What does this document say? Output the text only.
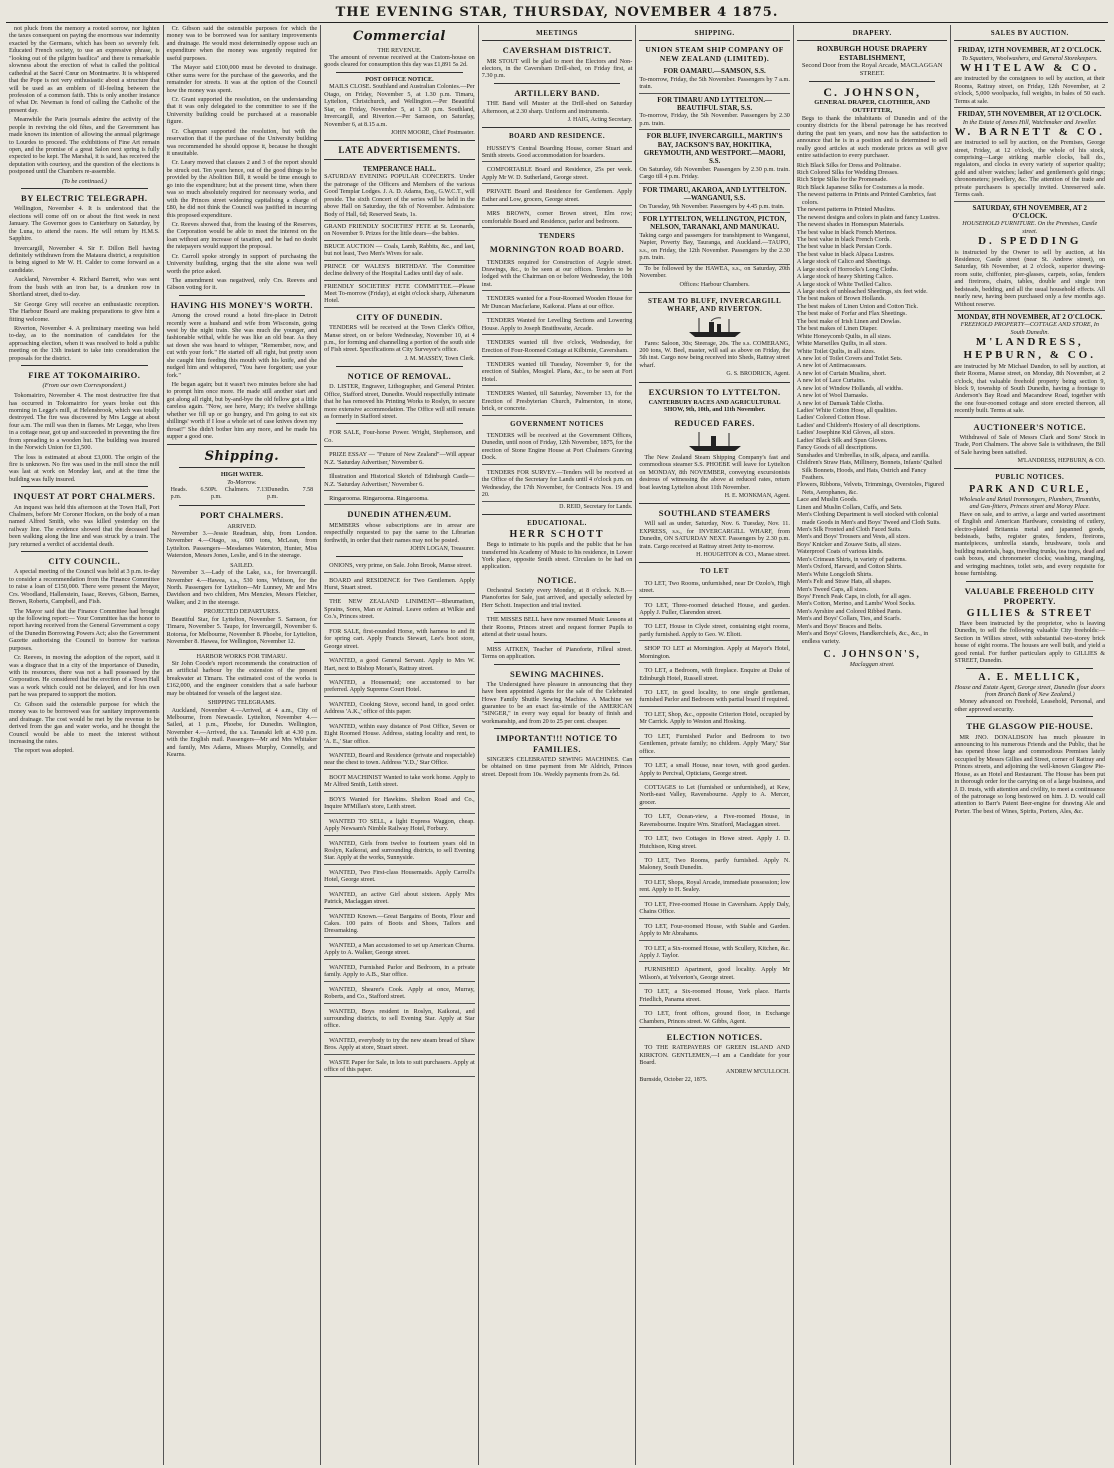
THE EVENING STAR, THURSDAY, NOVEMBER 4 1875.

not pluck from the memory a rooted sorrow, nor lighten the taxes consequent on paying the enormous war indemnity exacted by the Germans, which has been so severely felt. Educated French society, to use an expressive phrase, is "looking out of the pilgrim basilica" and there is remarkable slowness about the erection of what is called the political cathedral at the Sacré Cœur on Montmartre. It is whispered that the Pope is not very enthusiastic about a structure that will be used as an emblem of ill-feeling between the profession of a common faith. This is only another instance of what Dr. Newman is fond of calling the Catholic of the present day.

Meanwhile the Paris journals admire the activity of the people in reviving the old fêtes, and the Government has made known its intention of allowing the annual pilgrimage to Lourdes to proceed. The exhibitions of Fine Art remain open, and the promise of a great Salon next spring is fully expected to be kept. The Marshal, it is said, has received the deputation with courtesy, and the question of the elections is postponed until the Chambers re-assemble.

(To be continued.)
BY ELECTRIC TELEGRAPH.

Wellington, November 4. It is understood that the elections will come off on or about the first week in next January. The Governor goes to Canterbury on Saturday, by the Luna, to attend the races. He will return by H.M.S. Sapphire.

Invercargill, November 4. Sir F. Dillon Bell having definitely withdrawn from the Mataura district, a requisition is being signed to Mr W. H. Calder to come forward as a candidate.

Auckland, November 4. Richard Barrett, who was sent from the bush with an iron bar, is a drunken row in Shortland street, died to-day.

Sir George Grey will receive an enthusiastic reception. The Harbour Board are making preparations to give him a fitting welcome.

Riverton, November 4. A preliminary meeting was held to-day, as to the nomination of candidates for the approaching election, when it was resolved to hold a public meeting on the 13th instant to take into consideration the proposals for the district.

FIRE AT TOKOMAIRIRO.
(From our own Correspondent.)

Tokomairiro, November 4. The most destructive fire that has occurred in Tokomairiro for years broke out this morning in Legge's mill, at Helensbrook, which was totally destroyed. The fire was discovered by Mrs Legge at about four a.m. The mill was then in flames. Mr Legge, who lives in a cottage near, got up and succeeded in preventing the fire from spreading to a wooden hut. The building was insured in the Norwich Union for £1,500.

The loss is estimated at about £3,000. The origin of the fire is unknown. No fire was used in the mill since the mill was last at work on Monday last, and at the time the building was fully insured.

INQUEST AT PORT CHALMERS.

An inquest was held this afternoon at the Town Hall, Port Chalmers, before Mr Coroner Hocken, on the body of a man named Alfred Smith, who was killed yesterday on the railway line. The evidence showed that the deceased had been walking along the line and was struck by a train. The jury returned a verdict of accidental death.

CITY COUNCIL.

A special meeting of the Council was held at 3 p.m. to-day to consider a recommendation from the Finance Committee to raise a loan of £150,000. There were present the Mayor, Crs. Woodland, Hallenstein, Isaac, Reeves, Gibson, Barnes, Brown, Roberts, Campbell, and Fish.

The Mayor said that the Finance Committee had brought up the following report:— Your Committee has the honor to report having received from the General Government a copy of the Dunedin Borrowing Powers Act; also the Government Gazette authorising the Council to borrow for various purposes.

Cr. Reeves, in moving the adoption of the report, said it was a disgrace that in a city of the importance of Dunedin, with its resources, there was not a hall possessed by the Corporation. He considered that the erection of a Town Hall was a work which could not be delayed, and for his own part he was prepared to support the motion.

Cr. Gibson said the ostensible purpose for which the money was to be borrowed was for sanitary improvements and drainage. The cost would be met by the revenue to be derived from the gas and water works, and he thought the Council would be able to meet the interest without increasing the rates.

The report was adopted.

Cr. Gibson said the ostensible purposes for which the money was to be borrowed was for sanitary improvements and drainage. He would most determinedly oppose such an expenditure when the money was urgently required for useful purposes.

The Mayor said £100,000 must be devoted to drainage. Other sums were for the purchase of the gasworks, and the remainder for streets. It was at the option of the Council how the money was spent.

Cr. Grant supported the resolution, on the understanding that it was only delegated to the committee to see if the University building could be purchased at a reasonable figure.

Cr. Chapman supported the resolution, but with the reservation that if the purchase of the University building was recommended he should oppose it, because he thought it unsuitable.

Cr. Leary moved that clauses 2 and 3 of the report should be struck out. Ten years hence, out of the good things to be provided by the Abolition Bill, it would be time enough to go into the expenditure; but at the present time, when there was so much absolutely required for necessary works, and with the Princes street widening capitalising a charge of £80, he did not think the Council was justified in incurring this proposed expenditure.

Cr. Reeves showed that, from the leasing of the Reserves, the Corporation would be able to meet the interest on the loan without any increase of taxation, and he had no doubt the ratepayers would support the proposal.

Cr. Carroll spoke strongly in support of purchasing the University building, urging that the site alone was well worth the price asked.

The amendment was negatived, only Crs. Reeves and Gibson voting for it.

HAVING HIS MONEY'S WORTH.

Among the crowd round a hotel fire-place in Detroit recently were a husband and wife from Wisconsin, going west by the night train. She was much the younger, and fashionable withal, while he was like an old bear. As they sat down she was heard to whisper, "Remember, now, and cut with your fork." He started off all right, but pretty soon she caught him feeding this mouth with his knife, and she nudged him and whispered, "You have forgotten; use your fork."

He began again; but it wasn't two minutes before she had to prompt him once more. He made still another start and got along all right, but by-and-bye the old fellow got a little careless again. "Now, see here, Mary; it's twelve shillings whether we fill up or go hungry, and I'm going to eat six shillings' worth if I lose a whole set of case knives down my throat!" She didn't bother him any more, and he made his supper a good one.

Shipping.
HIGH WATER.
To-Morrow.
Heads. 6.50 p.m.
Pt. Chalmers. 7.13 p.m.
Dunedin. 7.58 p.m.
PORT CHALMERS.
ARRIVED.

November 3.—Jessie Readman, ship, from London. November 4.—Otago, ss., 600 tons, McLean, from Lyttelton. Passengers—Mesdames Waterston, Hunter, Miss Waterston, Messrs Jones, Leslie, and 6 in the steerage.

SAILED.

November 3.—Lady of the Lake, s.s., for Invercargill. November 4.—Hawea, s.s., 530 tons, Whitson, for the North. Passengers for Lyttelton—Mr Lunney, Mr and Mrs Davidson and two children, Mrs Menzies, Messrs Fletcher, Walker, and 2 in the steerage.

PROJECTED DEPARTURES.

Beautiful Star, for Lyttelton, November 5. Samson, for Timaru, November 5. Taupo, for Invercargill, November 6. Rotorua, for Melbourne, November 8. Phoebe, for Lyttelton, November 8. Hawea, for Wellington, November 12.

HARBOR WORKS FOR TIMARU.

Sir John Coode's report recommends the construction of an artificial harbour by the extension of the present breakwater at Timaru. The estimated cost of the works is £162,000, and the engineer considers that a safe harbour may be obtained for vessels of the largest size.

SHIPPING TELEGRAMS.

Auckland, November 4.—Arrived, at 4 a.m., City of Melbourne, from Newcastle. Lyttelton, November 4.—Sailed, at 1 p.m., Phoebe, for Dunedin. Wellington, November 4.—Arrived, the s.s. Taranaki left at 4.30 p.m. with the English mail. Passengers—Mr and Mrs Whitaker and family, Mrs Adams, Misses Murphy, Connelly, and Kearns.

Commercial
THE REVENUE.

The amount of revenue received at the Custom-house on goods cleared for consumption this day was £1,891 5s 2d.

POST OFFICE NOTICE.

MAILS CLOSE. Southland and Australian Colonies.—Per Otago, on Friday, November 5, at 1.30 p.m. Timaru, Lyttelton, Christchurch, and Wellington.—Per Beautiful Star, on Friday, November 5, at 1.30 p.m. Southland, Invercargill, and Riverton.—Per Samson, on Saturday, November 6, at 8.15 a.m.

JOHN MOORE, Chief Postmaster.
LATE ADVERTISEMENTS.
TEMPERANCE HALL.
SATURDAY EVENING POPULAR CONCERTS. Under the patronage of the Officers and Members of the various Good Templar Lodges. J. A. D. Adams, Esq., G.W.C.T., will preside. The sixth Concert of the series will be held in the above Hall on Saturday, the 6th of November. Admission: Body of Hall, 6d; Reserved Seats, 1s.
GRAND FRIENDLY SOCIETIES' FETE at St. Leonards, on November 9. Prizes for the little dears—the babies.
BRUCE AUCTION — Coals, Lamb, Rabbits, &c., and last, but not least, Two Men's Wives for sale.
PRINCE OF WALES'S BIRTHDAY. The Committee decline delivery of the Hospital Ladies until day of sale.
FRIENDLY SOCIETIES' FETE COMMITTEE.—Please Meet To-morrow (Friday), at eight o'clock sharp, Athenæum Hotel.
CITY OF DUNEDIN.

TENDERS will be received at the Town Clerk's Office, Manse street, on or before Wednesday, November 10, at 4 p.m., for forming and channelling a portion of the south side of Fish street. Specifications at City Surveyor's office.

J. M. MASSEY, Town Clerk.
NOTICE OF REMOVAL.

D. LISTER, Engraver, Lithographer, and General Printer. Office, Stafford street, Dunedin. Would respectfully intimate that he has removed his Printing Works to Roslyn, to secure more extensive accommodation. The Office will still remain as formerly in Stafford street.

FOR SALE, Four-horse Power. Wright, Stephenson, and Co.

PRIZE ESSAY — "Future of New Zealand"—Will appear N.Z. 'Saturday Advertiser,' November 6.

Illustration and Historical Sketch of Edinburgh Castle—N.Z. 'Saturday Advertiser,' November 6.

Ringarooma. Ringarooma. Ringarooma.

DUNEDIN ATHENÆUM.

MEMBERS whose subscriptions are in arrear are respectfully requested to pay the same to the Librarian forthwith, in order that their names may not be posted.

JOHN LOGAN, Treasurer.

ONIONS, very prime, on Sale. John Brook, Manse street.

BOARD and RESIDENCE for Two Gentlemen. Apply Hurst, Stuart street.

THE NEW ZEALAND LINIMENT—Rheumatism, Sprains, Sores, Man or Animal. Leave orders at Wilkie and Co.'s, Princes street.

FOR SALE, first-rounded Horse, with harness to and fit for spring cart. Apply Francis Stewart, Lee's boot store, George street.

WANTED, a good General Servant. Apply to Mrs W. Hart, next to Bishop Moran's, Rattray street.

WANTED, a Housemaid; one accustomed to bar preferred. Apply Supreme Court Hotel.

WANTED, Cooking Stove, second hand, in good order. Address 'A.K.,' office of this paper.

WANTED, within easy distance of Post Office, Seven or Eight Roomed House. Address, stating locality and rent, to 'A. E.,' Star office.

WANTED, Board and Residence (private and respectable) near the chest to town. Address 'Y.D.,' Star Office.

BOOT MACHINIST Wanted to take work home. Apply to Mr Alfred Smith, Leith street.

BOYS Wanted for Hawkins. Shelton Road and Co., Inquire M'Millan's store, Leith street.

WANTED TO SELL, a light Express Waggon, cheap. Apply Newsam's Nimble Railway Hotel, Forbury.

WANTED, Girls from twelve to fourteen years old in Roslyn, Kaikorai, and surrounding districts, to sell Evening Star. Apply at the works, Sunnyside.

WANTED, Two First-class Housemaids. Apply Carroll's Hotel, George street.

WANTED, an active Girl about sixteen. Apply Mrs Patrick, Maclaggan street.

WANTED Known.—Great Bargains of Boots, Flour and Cakes. 100 pairs of Boots and Shoes, Tailors and Dressmaking.

WANTED, a Man accustomed to set up American Churns. Apply to A. Walker, George street.

WANTED, Furnished Parlor and Bedroom, in a private family. Apply to A.B., Star office.

WANTED, Shearer's Cook. Apply at once, Murray, Roberts, and Co., Stafford street.

WANTED, Boys resident in Roslyn, Kaikorai, and surrounding districts, to sell Evening Star. Apply at Star office.

WANTED, everybody to try the new steam bread of Shaw Bros. Apply at store, Stuart street.

WASTE Paper for Sale, in lots to suit purchasers. Apply at office of this paper.

MEETINGS
CAVERSHAM DISTRICT.

MR STOUT will be glad to meet the Electors and Non-electors, in the Caversham Drill-shed, on Friday first, at 7.30 p.m.

ARTILLERY BAND.

THE Band will Muster at the Drill-shed on Saturday Afternoon, at 2.30 sharp. Uniform and instruments.

J. HAIG, Acting Secretary.
BOARD AND RESIDENCE.

HUSSEY'S Central Boarding House, corner Stuart and Smith streets. Good accommodation for boarders.

COMFORTABLE Board and Residence, 25s per week. Apply Mr W. D. Sutherland, George street.

PRIVATE Board and Residence for Gentlemen. Apply Esther and Low, grocers, George street.

MRS BROWN, corner Brown street, Elm row; comfortable Board and Residence, parlor and bedroom.

TENDERS
MORNINGTON ROAD BOARD.

TENDERS required for Construction of Argyle street. Drawings, &c., to be seen at our offices. Tenders to be lodged with the Chairman on or before Wednesday, the 10th inst.

TENDERS wanted for a Four-Roomed Wooden House for Mr Duncan Macfarlane, Kaikorai. Plans at our office.

TENDERS Wanted for Levelling Sections and Lowering House. Apply to Joseph Braithwaite, Arcade.

TENDERS wanted till five o'clock, Wednesday, for Erection of Four-Roomed Cottage at Kilbirnie, Caversham.

TENDERS wanted till Tuesday, November 9, for the erection of Stables, Mosgiel. Plans, &c., to be seen at Fort Hotel.

TENDERS Wanted, till Saturday, November 13, for the Erection of Presbyterian Church, Palmerston, in stone, brick, or concrete.

GOVERNMENT NOTICES

TENDERS will be received at the Government Offices, Dunedin, until noon of Friday, 12th November, 1875, for the erection of Stone Engine House at Port Chalmers Graving Dock.

TENDERS FOR SURVEY.—Tenders will be received at the Office of the Secretary for Lands until 4 o'clock p.m. on Wednesday, the 17th November, for Contracts Nos. 19 and 20.

D. REID, Secretary for Lands.
EDUCATIONAL.
HERR SCHOTT

Begs to intimate to his pupils and the public that he has transferred his Academy of Music to his residence, in Lower York place, opposite Smith street. Circulars to be had on application.

NOTICE.

Orchestral Society every Monday, at 8 o'clock. N.B.—Pianofortes for Sale, just arrived, and specially selected by Herr Schott. Inspection and trial invited.

THE MISSES BELL have now resumed Music Lessons at their Rooms, Princes street and request former Pupils to attend at their usual hours.

MISS AITKEN, Teacher of Pianoforte, Filleul street. Terms on application.

SEWING MACHINES.

The Undersigned have pleasure in announcing that they have been appointed Agents for the sale of the Celebrated Howe Family Shuttle Sewing Machine. A Machine we guarantee to be an exact fac-simile of the AMERICAN "SINGER," in every way equal for beauty of finish and workmanship, and from 20 to 25 per cent. cheaper.

IMPORTANT!!! NOTICE TO FAMILIES.

SINGER'S CELEBRATED SEWING MACHINES. Can be obtained on time payment from Mr Aldrich, Princes street. Deposit from 10s. Weekly payments from 2s. 6d.

SHIPPING.
UNION STEAM SHIP COMPANY OF NEW ZEALAND (LIMITED).
FOR OAMARU.—SAMSON, S.S.
To-morrow, Friday, the 5th November. Passengers by 7 a.m. train.
FOR TIMARU AND LYTTELTON.—BEAUTIFUL STAR, S.S.
To-morrow, Friday, the 5th November. Passengers by 2.30 p.m. train.
FOR BLUFF, INVERCARGILL, MARTIN'S BAY, JACKSON'S BAY, HOKITIKA, GREYMOUTH, AND WESTPORT.—MAORI, S.S.
On Saturday, 6th November. Passengers by 2.30 p.m. train. Cargo till 4 p.m. Friday.
FOR TIMARU, AKAROA, AND LYTTELTON.—WANGANUI, S.S.
On Tuesday, 9th November. Passengers by 4.45 p.m. train.
FOR LYTTELTON, WELLINGTON, PICTON, NELSON, TARANAKI, AND MANUKAU.
Taking cargo and passengers for transhipment to Wanganui, Napier, Poverty Bay, Tauranga, and Auckland.—TAUPO, s.s., on Friday, the 12th November. Passengers by the 2.30 p.m. train.

To be followed by the HAWEA, s.s., on Saturday, 20th November.

Offices: Harbour Chambers.
STEAM TO BLUFF, INVERCARGILL WHARF, AND RIVERTON.

Fares: Saloon, 30s; Steerage, 20s. The s.s. COMERANG, 200 tons, W. Beel, master, will sail as above on Friday, the 5th inst. Cargo now being received into Sheds, Rattray street wharf.

G. S. BRODRICK, Agent.
EXCURSION TO LYTTELTON.
CANTERBURY RACES AND AGRICULTURAL SHOW, 9th, 10th, and 11th November.
REDUCED FARES.

The New Zealand Steam Shipping Company's fast and commodious steamer S.S. PHOEBE will leave for Lyttelton on MONDAY, 8th NOVEMBER, conveying excursionists desirous of witnessing the above at reduced rates, return boat leaving Lyttelton about 11th November.

H. E. MONKMAN, Agent.
SOUTHLAND STEAMERS

Will sail as under, Saturday, Nov. 6. Tuesday, Nov. 11. EXPRESS, s.s., for INVERCARGILL WHARF, from Dunedin, ON SATURDAY NEXT. Passengers by 2.30 p.m. train. Cargo received at Rattray street Jetty to-morrow.

H. HOUGHTON & CO., Manse street.
TO LET

TO LET, Two Rooms, unfurnished, near Dr Ozolo's, High street.

TO LET, Three-roomed detached House, and garden. Apply J. Fuller, Clarendon street.

TO LET, House in Clyde street, containing eight rooms, partly furnished. Apply to Geo. W. Eliott.

SHOP TO LET at Mornington. Apply at Mayor's Hotel, Mornington.

TO LET, a Bedroom, with fireplace. Enquire at Duke of Edinburgh Hotel, Russell street.

TO LET, in good locality, to one single gentleman, furnished Parlor and Bedroom with partial board if required.

TO LET, Shop, &c., opposite Criterion Hotel, occupied by Mr Carrick. Apply to Weston and Hosking.

TO LET, Furnished Parlor and Bedroom to two Gentlemen, private family; no children. Apply 'Mary,' Star office.

TO LET, a small House, near town, with good garden. Apply to Percival, Opticians, George street.

COTTAGES to Let (furnished or unfurnished), at Kew, North-east Valley, Ravensbourne. Apply to A. Mercer, grocer.

TO LET, Ocean-view, a Five-roomed House, in Ravensbourne. Inquire Wm. Stratford, Maclaggan street.

TO LET, two Cottages in Howe street. Apply J. D. Hutchison, King street.

TO LET, Two Rooms, partly furnished. Apply N. Maloney, South Dunedin.

TO LET, Shops, Royal Arcade, immediate possession; low rent. Apply to H. Sealey.

TO LET, Five-roomed House in Caversham. Apply Daly, Chains Office.

TO LET, Four-roomed House, with Stable and Garden. Apply to Mr Abrahams.

TO LET, a Six-roomed House, with Scullery, Kitchen, &c. Apply J. Taylor.

FURNISHED Apartment, good locality. Apply Mr Wilson's, at Yelverton's, George street.

TO LET, a Six-roomed House, York place. Harris Friedlich, Panama street.

TO LET, front offices, ground floor, in Exchange Chambers, Princes street. W. Gibbs, Agent.

ELECTION NOTICES.

TO THE RATEPAYERS OF GREEN ISLAND AND KIRKTON. GENTLEMEN,—I am a Candidate for your Board.

ANDREW M'CULLOCH.
Burnside, October 22, 1875.
DRAPERY.
ROXBURGH HOUSE DRAPERY ESTABLISHMENT,
Second Door from the Royal Arcade, MACLAGGAN STREET.
C. JOHNSON,
GENERAL DRAPER, CLOTHIER, AND OUTFITTER,

Begs to thank the inhabitants of Dunedin and of the country districts for the liberal patronage he has received during the past ten years, and now has the satisfaction to announce that he is in a position and is determined to sell really good articles at such moderate prices as will give entire satisfaction to every purchaser.

Rich Black Silks for Dress and Politnaise.
Rich Colored Silks for Wedding Dresses.
Rich Stripe Silks for the Promenade.
Rich Black Japanese Silks for Costumes a la mode.
The newest patterns in Prints and Printed Cambrics, fast colors.
The newest patterns in Printed Muslins.
The newest designs and colors in plain and fancy Lustres.
The newest shades in Homespun Materials.
The best value in black French Merinos.
The best value in black French Cords.
The best value in black Persian Cords.
The best value in black Alpaca Lustres.
A large stock of Calico and Sheetings.
A large stock of Horrocks's Long Cloths.
A large stock of heavy Shirting Calico.
A large stock of White Twilled Calico.
A large stock of unbleached Sheetings, six feet wide.
The best makes of Brown Hollands.
The best makes of Linen Union and Cotton Tick.
The best make of Forfar and Flax Sheetings.
The best make of Irish Linen and Dowlas.
The best makes of Linen Diaper.
White Honeycomb Quilts, in all sizes.
White Marseilles Quilts, in all sizes.
White Toilet Quilts, in all sizes.
A new lot of Toilet Covers and Toilet Sets.
A new lot of Antimacassars.
A new lot of Curtain Muslins, short.
A new lot of Lace Curtains.
A new lot of Window Hollands, all widths.
A new lot of Wool Damasks.
A new lot of Damask Table Cloths.
Ladies' White Cotton Hose, all qualities.
Ladies' Colored Cotton Hose.
Ladies' and Children's Hosiery of all descriptions.
Ladies' Josephine Kid Gloves, all sizes.
Ladies' Black Silk and Spun Gloves.
Fancy Goods of all descriptions.
Sunshades and Umbrellas, in silk, alpaca, and zanilla.
Children's Straw Hats, Millinery, Bonnets, Infants' Quilted Silk Bonnets, Hoods, and Hats, Ostrich and Fancy Feathers.
Flowers, Ribbons, Velvets, Trimmings, Overstoles, Figured Nets, Aerophanes, &c.
Lace and Muslin Goods.
Linen and Muslin Collars, Cuffs, and Sets.
Men's Clothing Department is well stocked with colonial made Goods in Men's and Boys' Tweed and Cloth Suits.
Men's Silk Fronted and Cloth Faced Suits.
Men's and Boys' Trousers and Vests, all sizes.
Boys' Knicker and Zouave Suits, all sizes.
Waterproof Coats of various kinds.
Men's Crimean Shirts, in variety of patterns.
Men's Oxford, Harvard, and Cotton Shirts.
Men's White Longcloth Shirts.
Men's Felt and Straw Hats, all shapes.
Men's Tweed Caps, all sizes.
Boys' French Peak Caps, in cloth, for all ages.
Men's Cotton, Merino, and Lambs' Wool Socks.
Men's Ayrshire and Colored Ribbed Pants.
Men's and Boys' Collars, Ties, and Scarfs.
Men's and Boys' Braces and Belts.
Men's and Boys' Gloves, Handkerchiefs, &c., &c., in endless variety.
C. JOHNSON'S,
Maclaggan street.
SALES BY AUCTION.
FRIDAY, 12TH NOVEMBER, AT 2 O'CLOCK.
To Squatters, Woolwashers, and General Storekeepers.
WHITELAW & CO.
are instructed by the consignees to sell by auction, at their Rooms, Rattray street, on Friday, 12th November, at 2 o'clock, 5,000 woolpacks, full weights, in bales of 50 each. Terms at sale.
FRIDAY, 5TH NOVEMBER, AT 12 O'CLOCK.
In the Estate of James Hill, Watchmaker and Jeweller.
W. BARNETT & CO.
are instructed to sell by auction, on the Premises, George street, Friday, at 12 o'clock, the whole of his stock, comprising—Large striking marble clocks, ball do., regulators, and clocks in every variety of superior quality; gold and silver watches; ladies' and gentlemen's gold rings; chronometers; jewellery, &c. The attention of the trade and private purchasers is specially invited. Unreserved sale. Terms cash.
SATURDAY, 6TH NOVEMBER, AT 2 O'CLOCK.
HOUSEHOLD FURNITURE. On the Premises, Castle street.
D. SPEDDING
is instructed by the Owner to sell by auction, at his Residence, Castle street (near St. Andrew street), on Saturday, 6th November, at 2 o'clock, superior drawing-room suite, chiffonier, pier-glasses, carpets, sofas, fenders and fireirons, chairs, tables, double and single iron bedsteads, bedding, and all the usual household effects. All nearly new, having been purchased only a few months ago. Without reserve.
MONDAY, 8TH NOVEMBER, AT 2 O'CLOCK.
FREEHOLD PROPERTY—COTTAGE AND STORE, In South Dunedin.
M'LANDRESS, HEPBURN, & CO.
are instructed by Mr Michael Dandon, to sell by auction, at their Rooms, Manse street, on Monday, 8th November, at 2 o'clock, that valuable freehold property being section 9, block 9, township of South Dunedin, having a frontage to Anderson's Bay Road and Macandrew Road, together with the one four-roomed cottage and store erected thereon, all recently built. Terms at sale.
AUCTIONEER'S NOTICE.

Withdrawal of Sale of Messrs Clark and Sons' Stock in Trade, Port Chalmers. The above Sale is withdrawn, the Bill of Sale having been satisfied.

M'LANDRESS, HEPBURN, & CO.
PUBLIC NOTICES.
PARK AND CURLE,
Wholesale and Retail Ironmongers, Plumbers, Tinsmiths, and Gas-fitters, Princes street and Moray Place.

Have on sale, and to arrive, a large and varied assortment of English and American Hardware, consisting of cutlery, electro-plated Britannia metal and japanned goods, bedsteads, baths, register grates, fenders, fireirons, mantelpieces, umbrella stands, brushware, tools and building materials, bags, traveling trunks, tea trays, dead and cash boxes, and chronometer clocks; washing, mangling, and wringing machines, toilet sets, and every requisite for house furnishing.

VALUABLE FREEHOLD CITY PROPERTY.
GILLIES & STREET

Have been instructed by the proprietor, who is leaving Dunedin, to sell the following valuable City freeholds:—Section in Willies street, with substantial two-storey brick house of eight rooms. The houses are well built, and yield a good rental. For further particulars apply to GILLIES & STREET, Dunedin.

A. E. MELLICK,
House and Estate Agent, George street, Dunedin (four doors from Branch Bank of New Zealand.)

Money advanced on Freehold, Leasehold, Personal, and other approved security.

THE GLASGOW PIE-HOUSE.

MR JNO. DONALDSON has much pleasure in announcing to his numerous Friends and the Public, that he has opened those large and commodious Premises lately occupied by Messrs Gillies and Street, corner of Rattray and Princes streets, and adjoining the well-known Glasgow Pie-House, as an Hotel and Restaurant. The House has been put in thorough order for the carrying on of a large business, and J. D. trusts, with attention and civility, to meet a continuance of the patronage so long bestowed on him. J. D. would call attention to Barr's Patent Beer-engine for drawing Ale and Porter. The best of Wines, Spirits, Porters, Ales, &c.
